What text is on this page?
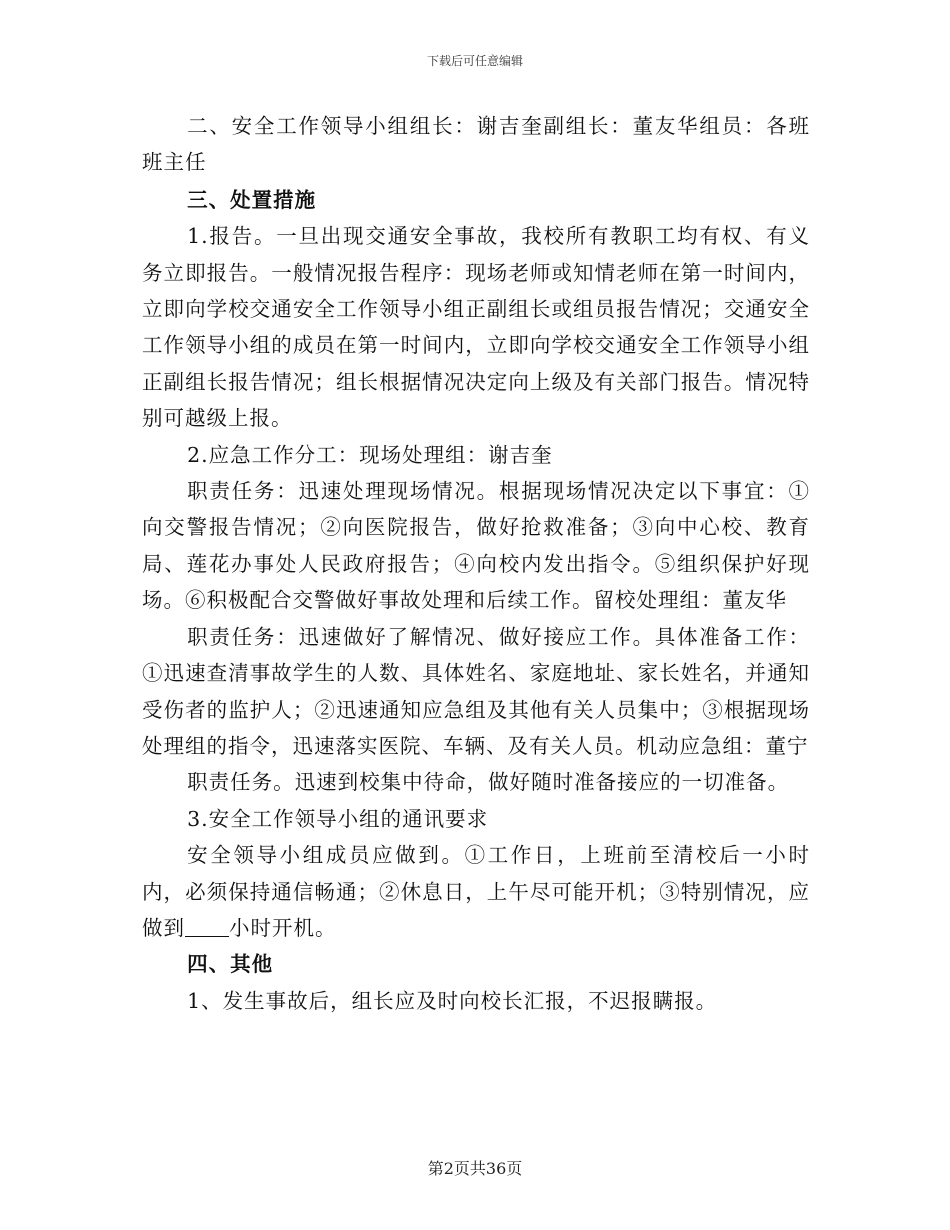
下载后可任意编辑

二、安全工作领导小组组长：谢吉奎副组长：董友华组员：各班班主任

三、处置措施

1.报告。一旦出现交通安全事故，我校所有教职工均有权、有义务立即报告。一般情况报告程序：现场老师或知情老师在第一时间内，立即向学校交通安全工作领导小组正副组长或组员报告情况；交通安全工作领导小组的成员在第一时间内，立即向学校交通安全工作领导小组正副组长报告情况；组长根据情况决定向上级及有关部门报告。情况特别可越级上报。

2.应急工作分工：现场处理组：谢吉奎

职责任务：迅速处理现场情况。根据现场情况决定以下事宜：①向交警报告情况；②向医院报告，做好抢救准备；③向中心校、教育局、莲花办事处人民政府报告；④向校内发出指令。⑤组织保护好现场。⑥积极配合交警做好事故处理和后续工作。留校处理组：董友华

职责任务：迅速做好了解情况、做好接应工作。具体准备工作：①迅速查清事故学生的人数、具体姓名、家庭地址、家长姓名，并通知受伤者的监护人；②迅速通知应急组及其他有关人员集中；③根据现场处理组的指令，迅速落实医院、车辆、及有关人员。机动应急组：董宁

职责任务。迅速到校集中待命，做好随时准备接应的一切准备。

3.安全工作领导小组的通讯要求

安全领导小组成员应做到。①工作日，上班前至清校后一小时内，必须保持通信畅通；②休息日，上午尽可能开机；③特别情况，应做到 小时开机。

四、其他

1、发生事故后，组长应及时向校长汇报，不迟报瞒报。

第2页共36页
